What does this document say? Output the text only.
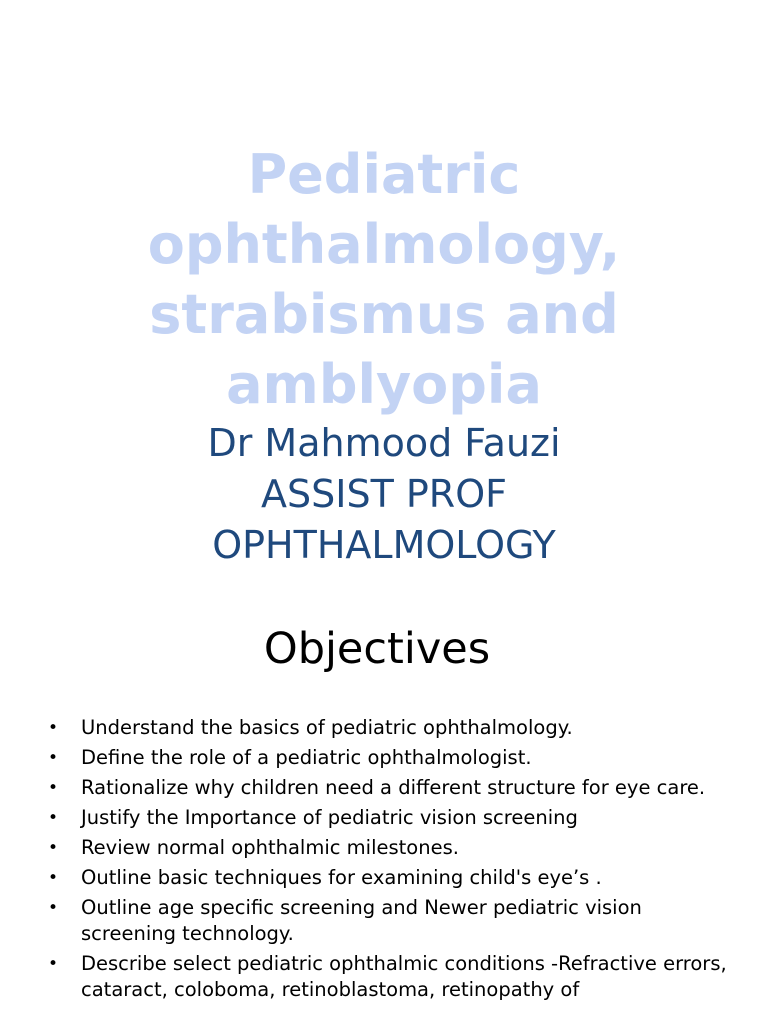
Pediatric
ophthalmology,
strabismus and
amblyopia
Dr Mahmood Fauzi
ASSIST PROF
OPHTHALMOLOGY
Objectives
• Understand the basics of pediatric ophthalmology.
• Define the role of a pediatric ophthalmologist.
• Rationalize why children need a different structure for eye care.
• Justify the Importance of pediatric vision screening
• Review normal ophthalmic milestones.
• Outline basic techniques for examining child's eye’s .
• Outline age specific screening and Newer pediatric vision screening technology.
• Describe select pediatric ophthalmic conditions -Refractive errors, cataract, coloboma, retinoblastoma, retinopathy of
